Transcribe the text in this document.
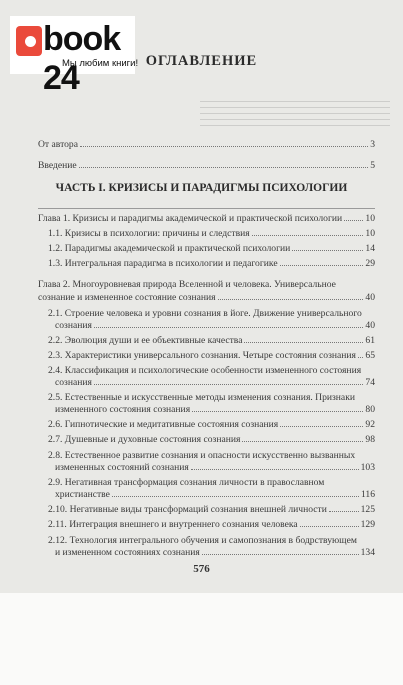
book 24
Мы любим книги! ОГЛАВЛЕНИЕ
От автора	3
Введение	5
ЧАСТЬ I. КРИЗИСЫ И ПАРАДИГМЫ ПСИХОЛОГИИ
Глава 1. Кризисы и парадигмы академической и практической психологии 10
1.1. Кризисы в психологии: причины и следствия	10
1.2. Парадигмы академической и практической психологии	14
1.3. Интегральная парадигма в психологии и педагогике	29
Глава 2. Многоуровневая природа Вселенной и человека. Универсальное
сознание и измененное состояние сознания	40
2.1. Строение человека и уровни сознания в йоге. Движение универсального
сознания	40
2.2. Эволюция души и ее объективные качества	61
2.3. Характеристики универсального сознания. Четыре состояния сознания 65
2.4. Классификация и психологические особенности измененного состояния
сознания	74
2.5. Естественные и искусственные методы изменения сознания. Признаки
измененного состояния сознания	80
2.6. Гипнотические и медитативные состояния сознания	92
2.7. Душевные и духовные состояния сознания	98
2.8. Естественное развитие сознания и опасности искусственно вызванных
измененных состояний сознания	103
2.9. Негативная трансформация сознания личности в православном
христианстве	116
2.10. Негативные виды трансформаций сознания внешней личности	125
2.11. Интеграция внешнего и внутреннего сознания человека	129
2.12. Технология интегрального обучения и самопознания в бодрствующем
и измененном состояниях сознания	134
576
